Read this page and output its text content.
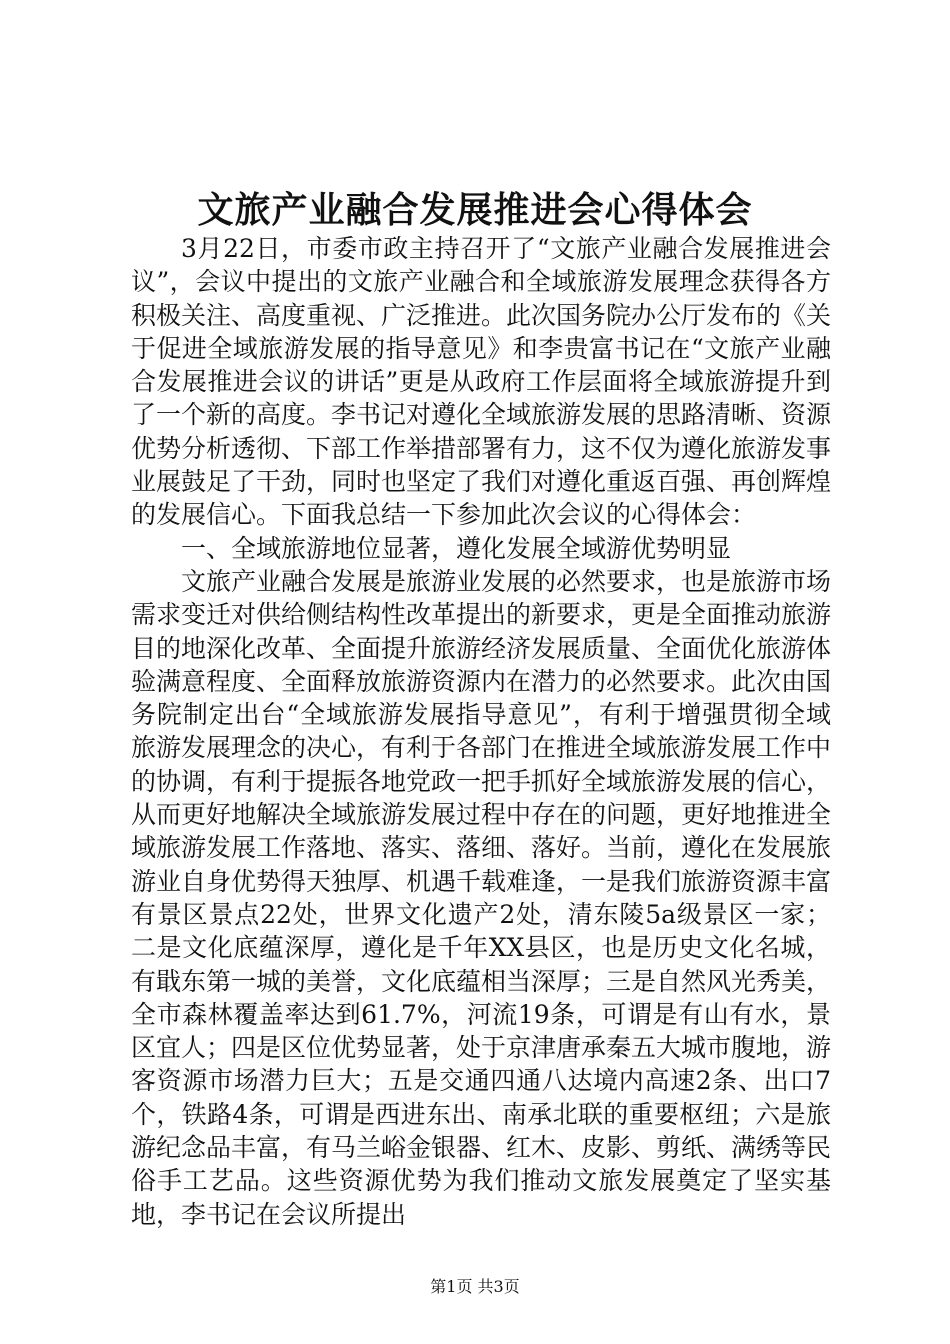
文旅产业融合发展推进会心得体会

3月22日，市委市政主持召开了“文旅产业融合发展推进会议”，会议中提出的文旅产业融合和全域旅游发展理念获得各方积极关注、高度重视、广泛推进。此次国务院办公厅发布的《关于促进全域旅游发展的指导意见》和李贵富书记在“文旅产业融合发展推进会议的讲话”更是从政府工作层面将全域旅游提升到了一个新的高度。李书记对遵化全域旅游发展的思路清晰、资源优势分析透彻、下部工作举措部署有力，这不仅为遵化旅游发事业展鼓足了干劲，同时也坚定了我们对遵化重返百强、再创辉煌的发展信心。下面我总结一下参加此次会议的心得体会：

一、全域旅游地位显著，遵化发展全域游优势明显

文旅产业融合发展是旅游业发展的必然要求，也是旅游市场需求变迁对供给侧结构性改革提出的新要求，更是全面推动旅游目的地深化改革、全面提升旅游经济发展质量、全面优化旅游体验满意程度、全面释放旅游资源内在潜力的必然要求。此次由国务院制定出台“全域旅游发展指导意见”，有利于增强贯彻全域旅游发展理念的决心，有利于各部门在推进全域旅游发展工作中的协调，有利于提振各地党政一把手抓好全域旅游发展的信心，从而更好地解决全域旅游发展过程中存在的问题，更好地推进全域旅游发展工作落地、落实、落细、落好。当前，遵化在发展旅游业自身优势得天独厚、机遇千载难逢，一是我们旅游资源丰富有景区景点22处，世界文化遗产2处，清东陵5a级景区一家；二是文化底蕴深厚，遵化是千年XX县区，也是历史文化名城，有戢东第一城的美誉，文化底蕴相当深厚；三是自然风光秀美，全市森林覆盖率达到61.7%，河流19条，可谓是有山有水，景区宜人；四是区位优势显著，处于京津唐承秦五大城市腹地，游客资源市场潜力巨大；五是交通四通八达境内高速2条、出口7个，铁路4条，可谓是西进东出、南承北联的重要枢纽；六是旅游纪念品丰富，有马兰峪金银器、红木、皮影、剪纸、满绣等民俗手工艺品。这些资源优势为我们推动文旅发展奠定了坚实基地，李书记在会议所提出

第1页 共3页
